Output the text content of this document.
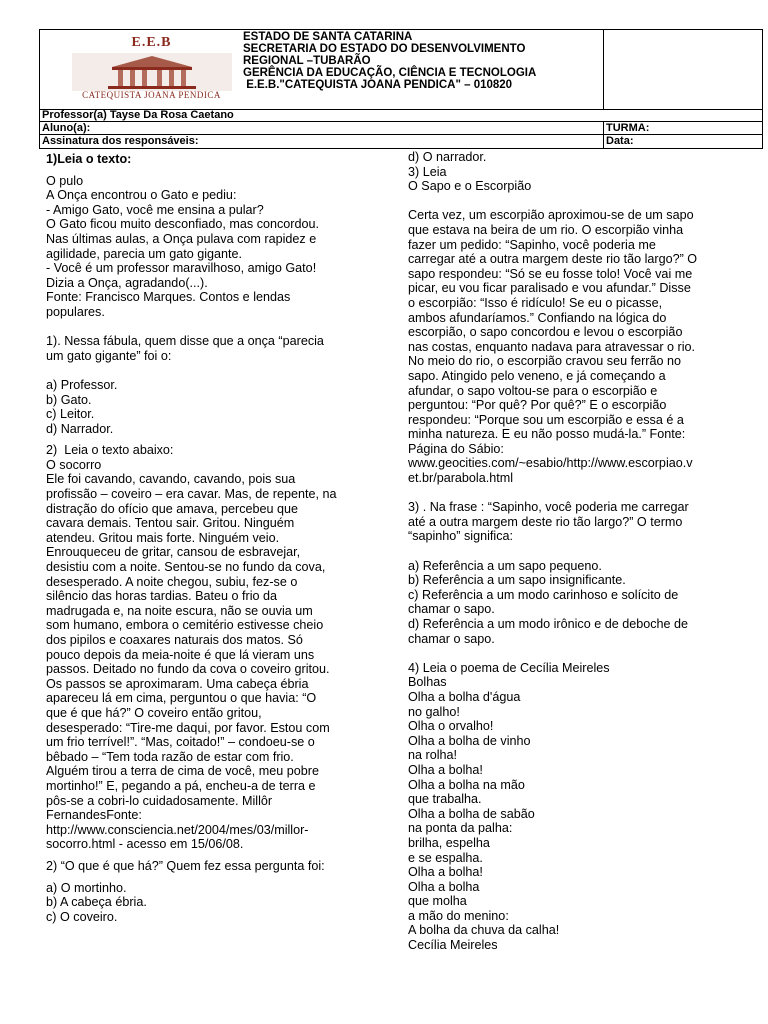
E.E.B
CATEQUISTA JOANA PENDICA
ESTADO DE SANTA CATARINA
SECRETARIA DO ESTADO DO DESENVOLVIMENTO
REGIONAL –TUBARÃO
GERÊNCIA DA EDUCAÇÃO, CIÊNCIA E TECNOLOGIA
E.E.B."CATEQUISTA JOANA PENDICA" – 010820
Professor(a) Tayse Da Rosa Caetano
Aluno(a):	TURMA:
Assinatura dos responsáveis:	Data:

1)Leia o texto:

O pulo

A Onça encontrou o Gato e pediu:

- Amigo Gato, você me ensina a pular?

O Gato ficou muito desconfiado, mas concordou.

Nas últimas aulas, a Onça pulava com rapidez e

agilidade, parecia um gato gigante.

- Você é um professor maravilhoso, amigo Gato!

Dizia a Onça, agradando(...).

Fonte: Francisco Marques. Contos e lendas

populares.

1). Nessa fábula, quem disse que a onça “parecia

um gato gigante” foi o:

a) Professor.

b) Gato.

c) Leitor.

d) Narrador.

2)  Leia o texto abaixo:

O socorro

Ele foi cavando, cavando, cavando, pois sua

profissão – coveiro – era cavar. Mas, de repente, na

distração do ofício que amava, percebeu que

cavara demais. Tentou sair. Gritou. Ninguém

atendeu. Gritou mais forte. Ninguém veio.

Enrouqueceu de gritar, cansou de esbravejar,

desistiu com a noite. Sentou-se no fundo da cova,

desesperado. A noite chegou, subiu, fez-se o

silêncio das horas tardias. Bateu o frio da

madrugada e, na noite escura, não se ouvia um

som humano, embora o cemitério estivesse cheio

dos pipilos e coaxares naturais dos matos. Só

pouco depois da meia-noite é que lá vieram uns

passos. Deitado no fundo da cova o coveiro gritou.

Os passos se aproximaram. Uma cabeça ébria

apareceu lá em cima, perguntou o que havia: “O

que é que há?” O coveiro então gritou,

desesperado: “Tire-me daqui, por favor. Estou com

um frio terrível!”. “Mas, coitado!” – condoeu-se o

bêbado – “Tem toda razão de estar com frio.

Alguém tirou a terra de cima de você, meu pobre

mortinho!” E, pegando a pá, encheu-a de terra e

pôs-se a cobri-lo cuidadosamente. Millôr

FernandesFonte:

http://www.consciencia.net/2004/mes/03/millor-

socorro.html - acesso em 15/06/08.

2) “O que é que há?” Quem fez essa pergunta foi:

a) O mortinho.

b) A cabeça ébria.

c) O coveiro.

d) O narrador.

3) Leia

O Sapo e o Escorpião

Certa vez, um escorpião aproximou-se de um sapo

que estava na beira de um rio. O escorpião vinha

fazer um pedido: “Sapinho, você poderia me

carregar até a outra margem deste rio tão largo?” O

sapo respondeu: “Só se eu fosse tolo! Você vai me

picar, eu vou ficar paralisado e vou afundar.” Disse

o escorpião: “Isso é ridículo! Se eu o picasse,

ambos afundaríamos.” Confiando na lógica do

escorpião, o sapo concordou e levou o escorpião

nas costas, enquanto nadava para atravessar o rio.

No meio do rio, o escorpião cravou seu ferrão no

sapo. Atingido pelo veneno, e já começando a

afundar, o sapo voltou-se para o escorpião e

perguntou: “Por quê? Por quê?” E o escorpião

respondeu: “Porque sou um escorpião e essa é a

minha natureza. E eu não posso mudá-la.” Fonte:

Página do Sábio:

www.geocities.com/~esabio/http://www.escorpiao.v

et.br/parabola.html

3) . Na frase : “Sapinho, você poderia me carregar

até a outra margem deste rio tão largo?” O termo

“sapinho” significa:

a) Referência a um sapo pequeno.

b) Referência a um sapo insignificante.

c) Referência a um modo carinhoso e solícito de

chamar o sapo.

d) Referência a um modo irônico e de deboche de

chamar o sapo.

4) Leia o poema de Cecília Meireles

Bolhas

Olha a bolha d'água

no galho!

Olha o orvalho!

Olha a bolha de vinho

na rolha!

Olha a bolha!

Olha a bolha na mão

que trabalha.

Olha a bolha de sabão

na ponta da palha:

brilha, espelha

e se espalha.

Olha a bolha!

Olha a bolha

que molha

a mão do menino:

A bolha da chuva da calha!

Cecília Meireles
